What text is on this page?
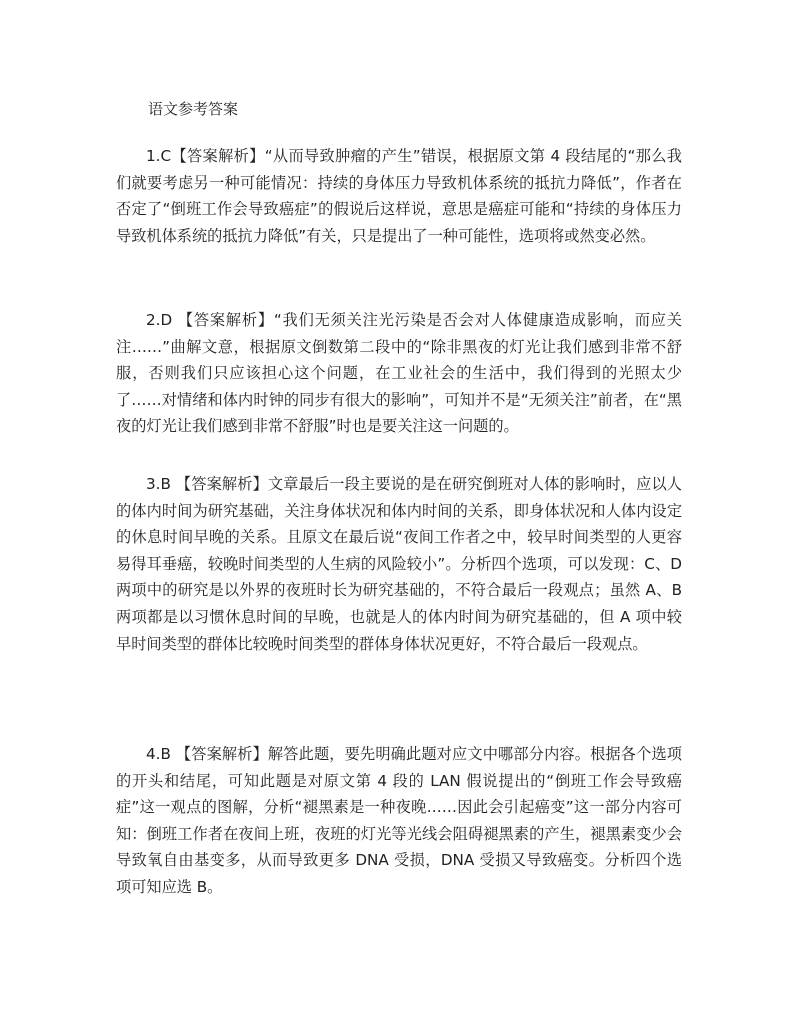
语文参考答案

1.C【答案解析】“从而导致肿瘤的产生”错误，根据原文第 4 段结尾的“那么我们就要考虑另一种可能情况：持续的身体压力导致机体系统的抵抗力降低”，作者在否定了“倒班工作会导致癌症”的假说后这样说，意思是癌症可能和“持续的身体压力导致机体系统的抵抗力降低”有关，只是提出了一种可能性，选项将或然变必然。

2.D 【答案解析】“我们无须关注光污染是否会对人体健康造成影响，而应关注……”曲解文意，根据原文倒数第二段中的“除非黑夜的灯光让我们感到非常不舒服，否则我们只应该担心这个问题，在工业社会的生活中，我们得到的光照太少了……对情绪和体内时钟的同步有很大的影响”，可知并不是“无须关注”前者，在“黑夜的灯光让我们感到非常不舒服”时也是要关注这一问题的。

3.B 【答案解析】文章最后一段主要说的是在研究倒班对人体的影响时，应以人的体内时间为研究基础，关注身体状况和体内时间的关系，即身体状况和人体内设定的休息时间早晚的关系。且原文在最后说“夜间工作者之中，较早时间类型的人更容易得耳垂癌，较晚时间类型的人生病的风险较小”。分析四个选项，可以发现：C、D 两项中的研究是以外界的夜班时长为研究基础的，不符合最后一段观点；虽然 A、B 两项都是以习惯休息时间的早晚，也就是人的体内时间为研究基础的，但 A 项中较早时间类型的群体比较晚时间类型的群体身体状况更好，不符合最后一段观点。

4.B 【答案解析】解答此题，要先明确此题对应文中哪部分内容。根据各个选项的开头和结尾，可知此题是对原文第 4 段的 LAN 假说提出的“倒班工作会导致癌症”这一观点的图解，分析“褪黑素是一种夜晚……因此会引起癌变”这一部分内容可知：倒班工作者在夜间上班，夜班的灯光等光线会阻碍褪黑素的产生，褪黑素变少会导致氧自由基变多，从而导致更多 DNA 受损，DNA 受损又导致癌变。分析四个选项可知应选 B。
